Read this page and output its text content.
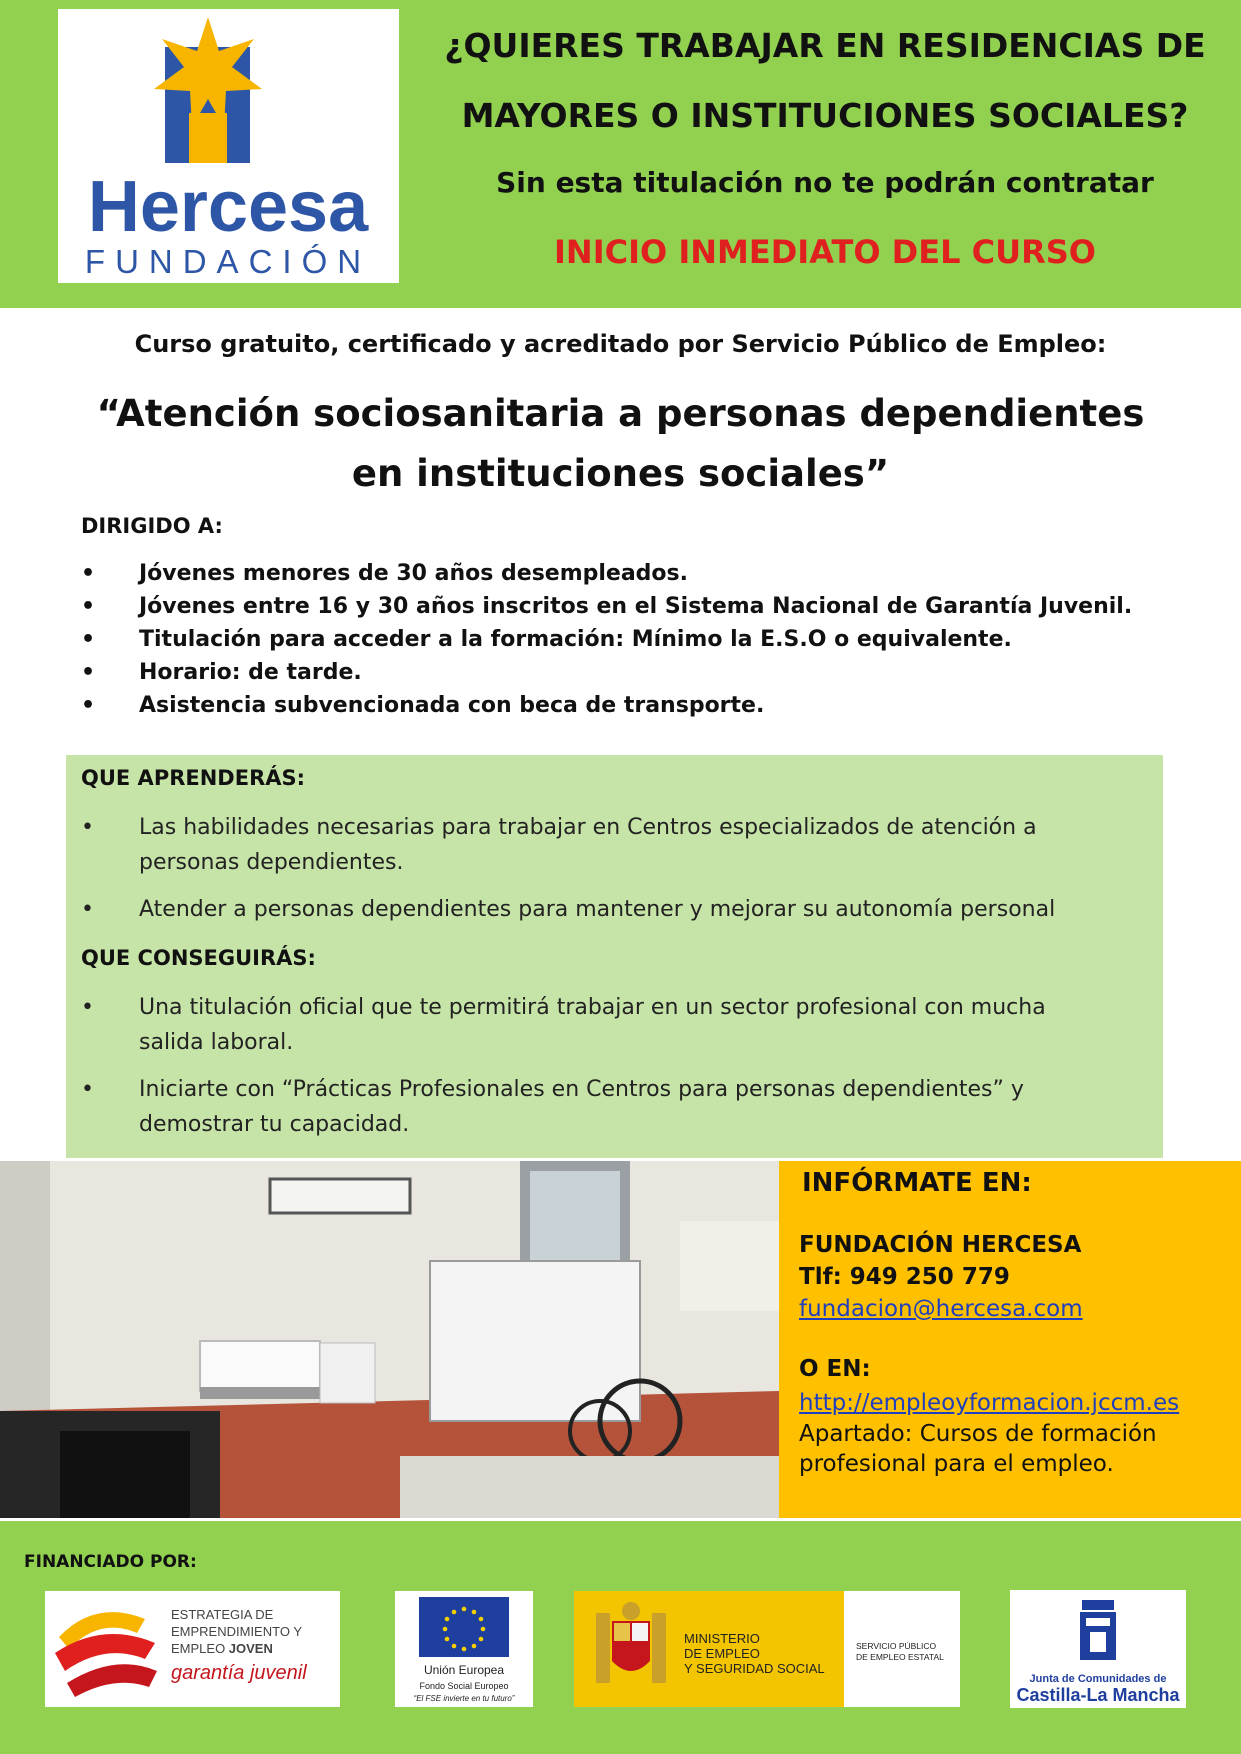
Hercesa
FUNDACIÓN
¿QUIERES TRABAJAR EN RESIDENCIAS DE
MAYORES O INSTITUCIONES SOCIALES?
Sin esta titulación no te podrán contratar
INICIO INMEDIATO DEL CURSO
Curso gratuito, certificado y acreditado por Servicio Público de Empleo:
“Atención sociosanitaria a personas dependientes
en instituciones sociales”
DIRIGIDO A:
• Jóvenes menores de 30 años desempleados.
• Jóvenes entre 16 y 30 años inscritos en el Sistema Nacional de Garantía Juvenil.
• Titulación para acceder a la formación: Mínimo la E.S.O o equivalente.
• Horario: de tarde.
• Asistencia subvencionada con beca de transporte.
QUE APRENDERÁS:
• Las habilidades necesarias para trabajar en Centros especializados de atención a personas dependientes.
• Atender a personas dependientes para mantener y mejorar su autonomía personal
QUE CONSEGUIRÁS:
• Una titulación oficial que te permitirá trabajar en un sector profesional con mucha salida laboral.
• Iniciarte con “Prácticas Profesionales en Centros para personas dependientes” y demostrar tu capacidad.
INFÓRMATE EN:
FUNDACIÓN HERCESA
Tlf: 949 250 779
fundacion@hercesa.com
O EN:
http://empleoyformacion.jccm.es
Apartado: Cursos de formación profesional para el empleo.
FINANCIADO POR:
ESTRATEGIA DE
EMPRENDIMIENTO Y
EMPLEO JOVEN
garantía juvenil	Unión Europea
Fondo Social Europeo
“El FSE invierte en tu futuro”
MINISTERIO
DE EMPLEO
Y SEGURIDAD SOCIAL
SERVICIO PÚBLICO
DE EMPLEO ESTATAL
Junta de Comunidades de
Castilla-La Mancha
